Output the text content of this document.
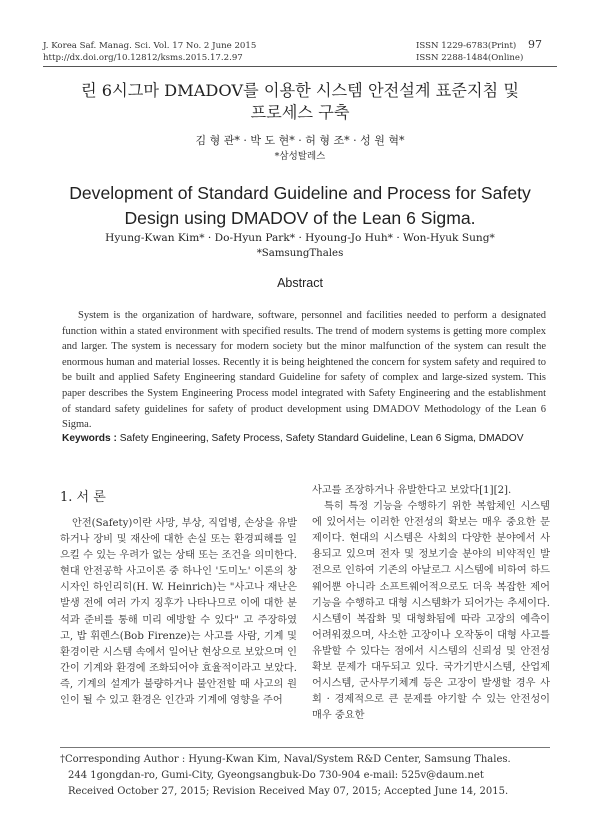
J. Korea Saf. Manag. Sci. Vol. 17 No. 2 June 2015
http://dx.doi.org/10.12812/ksms.2015.17.2.97
ISSN 1229-6783(Print)
ISSN 2288-1484(Online)
97
린 6시그마 DMADOV를 이용한 시스템 안전설계 표준지침 및
프로세스 구축
김 형 관* · 박 도 현* · 허 형 조* · 성 원 혁*
*삼성탈레스
Development of Standard Guideline and Process for Safety
Design using DMADOV of the Lean 6 Sigma.
Hyung-Kwan Kim* · Do-Hyun Park* · Hyoung-Jo Huh* · Won-Hyuk Sung*
*SamsungThales
Abstract
System is the organization of hardware, software, personnel and facilities needed to perform a designated function within a stated environment with specified results. The trend of modern systems is getting more complex and larger. The system is necessary for modern society but the minor malfunction of the system can result the enormous human and material losses. Recently it is being heightened the concern for system safety and required to be built and applied Safety Engineering standard Guideline for safety of complex and large-sized system. This paper describes the System Engineering Process model integrated with Safety Engineering and the establishment of standard safety guidelines for safety of product development using DMADOV Methodology of the Lean 6 Sigma.
Keywords : Safety Engineering, Safety Process, Safety Standard Guideline, Lean 6 Sigma, DMADOV
1. 서 론

안전(Safety)이란 사망, 부상, 직업병, 손상을 유발하거나 장비 및 재산에 대한 손실 또는 환경피해를 일으킬 수 있는 우려가 없는 상태 또는 조건을 의미한다. 현대 안전공학 사고이론 중 하나인 '도미노' 이론의 창시자인 하인리히(H. W. Heinrich)는 "사고나 재난은 발생 전에 여러 가지 징후가 나타나므로 이에 대한 분석과 준비를 통해 미리 예방할 수 있다" 고 주장하였고, 밥 휘렌스(Bob Firenze)는 사고를 사람, 기계 및 환경이란 시스템 속에서 일어난 현상으로 보았으며 인간이 기계와 환경에 조화되어야 효율적이라고 보았다. 즉, 기계의 설계가 불량하거나 불안전할 때 사고의 원인이 될 수 있고 환경은 인간과 기계에 영향을 주어

사고를 조장하거나 유발한다고 보았다[1][2].

특히 특정 기능을 수행하기 위한 복합체인 시스템에 있어서는 이러한 안전성의 확보는 매우 중요한 문제이다. 현대의 시스템은 사회의 다양한 분야에서 사용되고 있으며 전자 및 정보기술 분야의 비약적인 발전으로 인하여 기존의 아날로그 시스템에 비하여 하드웨어뿐 아니라 소프트웨어적으로도 더욱 복잡한 제어 기능을 수행하고 대형 시스템화가 되어가는 추세이다. 시스템이 복잡화 및 대형화됨에 따라 고장의 예측이 어려워졌으며, 사소한 고장이나 오작동이 대형 사고를 유발할 수 있다는 점에서 시스템의 신뢰성 및 안전성확보 문제가 대두되고 있다. 국가기반시스템, 산업제어시스템, 군사무기체계 등은 고장이 발생할 경우 사회 · 경제적으로 큰 문제를 야기할 수 있는 안전성이 매우 중요한

†Corresponding Author : Hyung-Kwan Kim, Naval/System R&D Center, Samsung Thales.
244 1gongdan-ro, Gumi-City, Gyeongsangbuk-Do 730-904 e-mail: 525v@daum.net
Received October 27, 2015; Revision Received May 07, 2015; Accepted June 14, 2015.
